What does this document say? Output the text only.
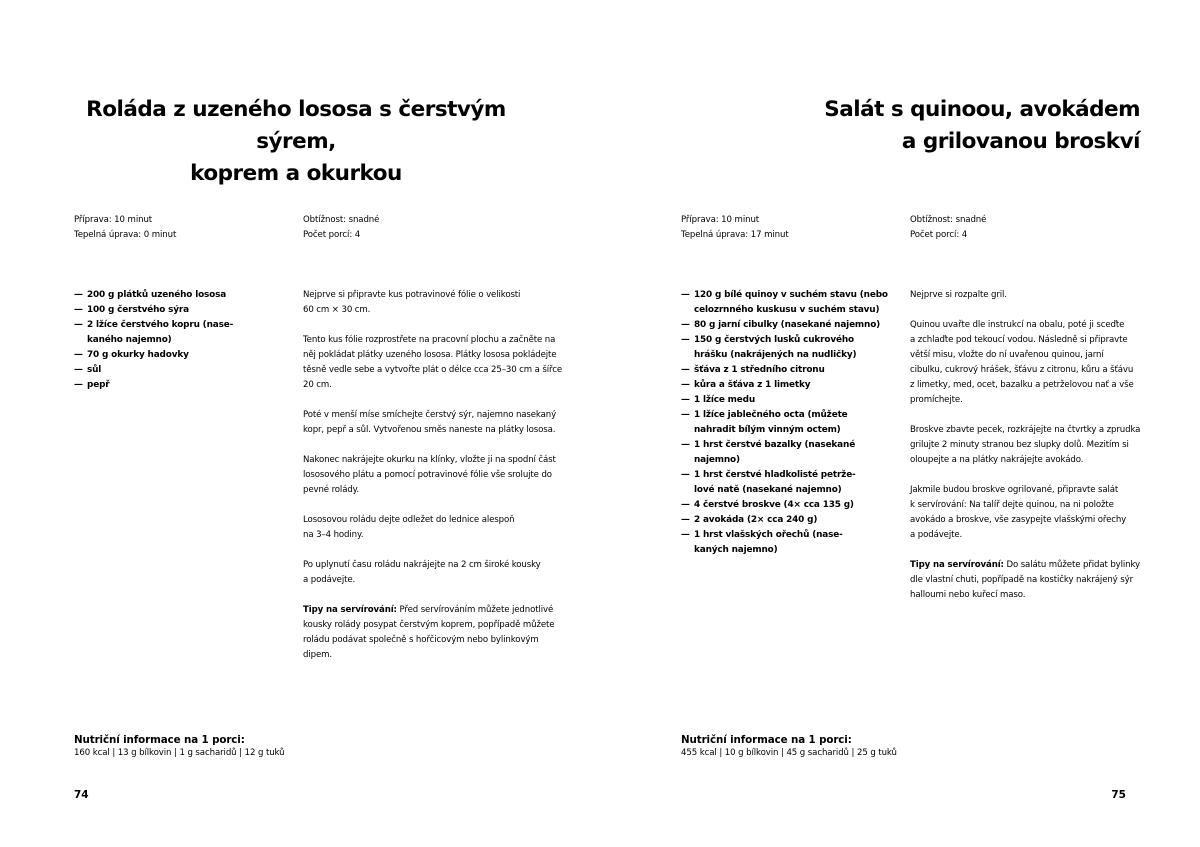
Roláda z uzeného lososa s čerstvým sýrem,
koprem a okurkou
Příprava: 10 minut
Tepelná úprava: 0 minut
Obtížnost: snadné
Počet porcí: 4
— 200 g plátků uzeného lososa
— 100 g čerstvého sýra
— 2 lžíce čerstvého kopru (nase-
kaného najemno)
— 70 g okurky hadovky
— sůl
— pepř

Nejprve si připravte kus potravinové fólie o velikosti
60 cm × 30 cm.

Tento kus fólie rozprostřete na pracovní plochu a začněte na
něj pokládat plátky uzeného lososa. Plátky lososa pokládejte
těsně vedle sebe a vytvořte plát o délce cca 25–30 cm a šířce
20 cm.

Poté v menší míse smíchejte čerstvý sýr, najemno nasekaný
kopr, pepř a sůl. Vytvořenou směs naneste na plátky lososa.

Nakonec nakrájejte okurku na klínky, vložte ji na spodní část
lososového plátu a pomocí potravinové fólie vše srolujte do
pevné rolády.

Lososovou roládu dejte odležet do lednice alespoň
na 3–4 hodiny.

Po uplynutí času roládu nakrájejte na 2 cm široké kousky
a podávejte.

Tipy na servírování: Před servírováním můžete jednotlivé
kousky rolády posypat čerstvým koprem, popřípadě můžete
roládu podávat společně s hořčicovým nebo bylinkovým
dipem.

Nutriční informace na 1 porci:
160 kcal | 13 g bílkovin | 1 g sacharidů | 12 g tuků
74
Salát s quinoou, avokádem
a grilovanou broskví
Příprava: 10 minut
Tepelná úprava: 17 minut
Obtížnost: snadné
Počet porcí: 4
— 120 g bílé quinoy v suchém stavu (nebo
celozrnného kuskusu v suchém stavu)
— 80 g jarní cibulky (nasekané najemno)
— 150 g čerstvých lusků cukrového
hrášku (nakrájených na nudličky)
— šťáva z 1 středního citronu
— kůra a šťáva z 1 limetky
— 1 lžíce medu
— 1 lžíce jablečného octa (můžete
nahradit bílým vinným octem)
— 1 hrst čerstvé bazalky (nasekané najemno)
— 1 hrst čerstvé hladkolisté petrže-
lové natě (nasekané najemno)
— 4 čerstvé broskve (4× cca 135 g)
— 2 avokáda (2× cca 240 g)
— 1 hrst vlašských ořechů (nase-
kaných najemno)

Nejprve si rozpalte gril.

Quinou uvařte dle instrukcí na obalu, poté ji sceďte
a zchlaďte pod tekoucí vodou. Následně si připravte
větší misu, vložte do ní uvařenou quinou, jarní
cibulku, cukrový hrášek, šťávu z citronu, kůru a šťávu
z limetky, med, ocet, bazalku a petrželovou nať a vše
promíchejte.

Broskve zbavte pecek, rozkrájejte na čtvrtky a zprudka
grilujte 2 minuty stranou bez slupky dolů. Mezitím si
oloupejte a na plátky nakrájejte avokádo.

Jakmile budou broskve ogrilované, připravte salát
k servírování: Na talíř dejte quinou, na ni položte
avokádo a broskve, vše zasypejte vlašskými ořechy
a podávejte.

Tipy na servírování: Do salátu můžete přidat bylinky
dle vlastní chuti, popřípadě na kostičky nakrájený sýr
halloumi nebo kuřecí maso.

Nutriční informace na 1 porci:
455 kcal | 10 g bílkovin | 45 g sacharidů | 25 g tuků
75
